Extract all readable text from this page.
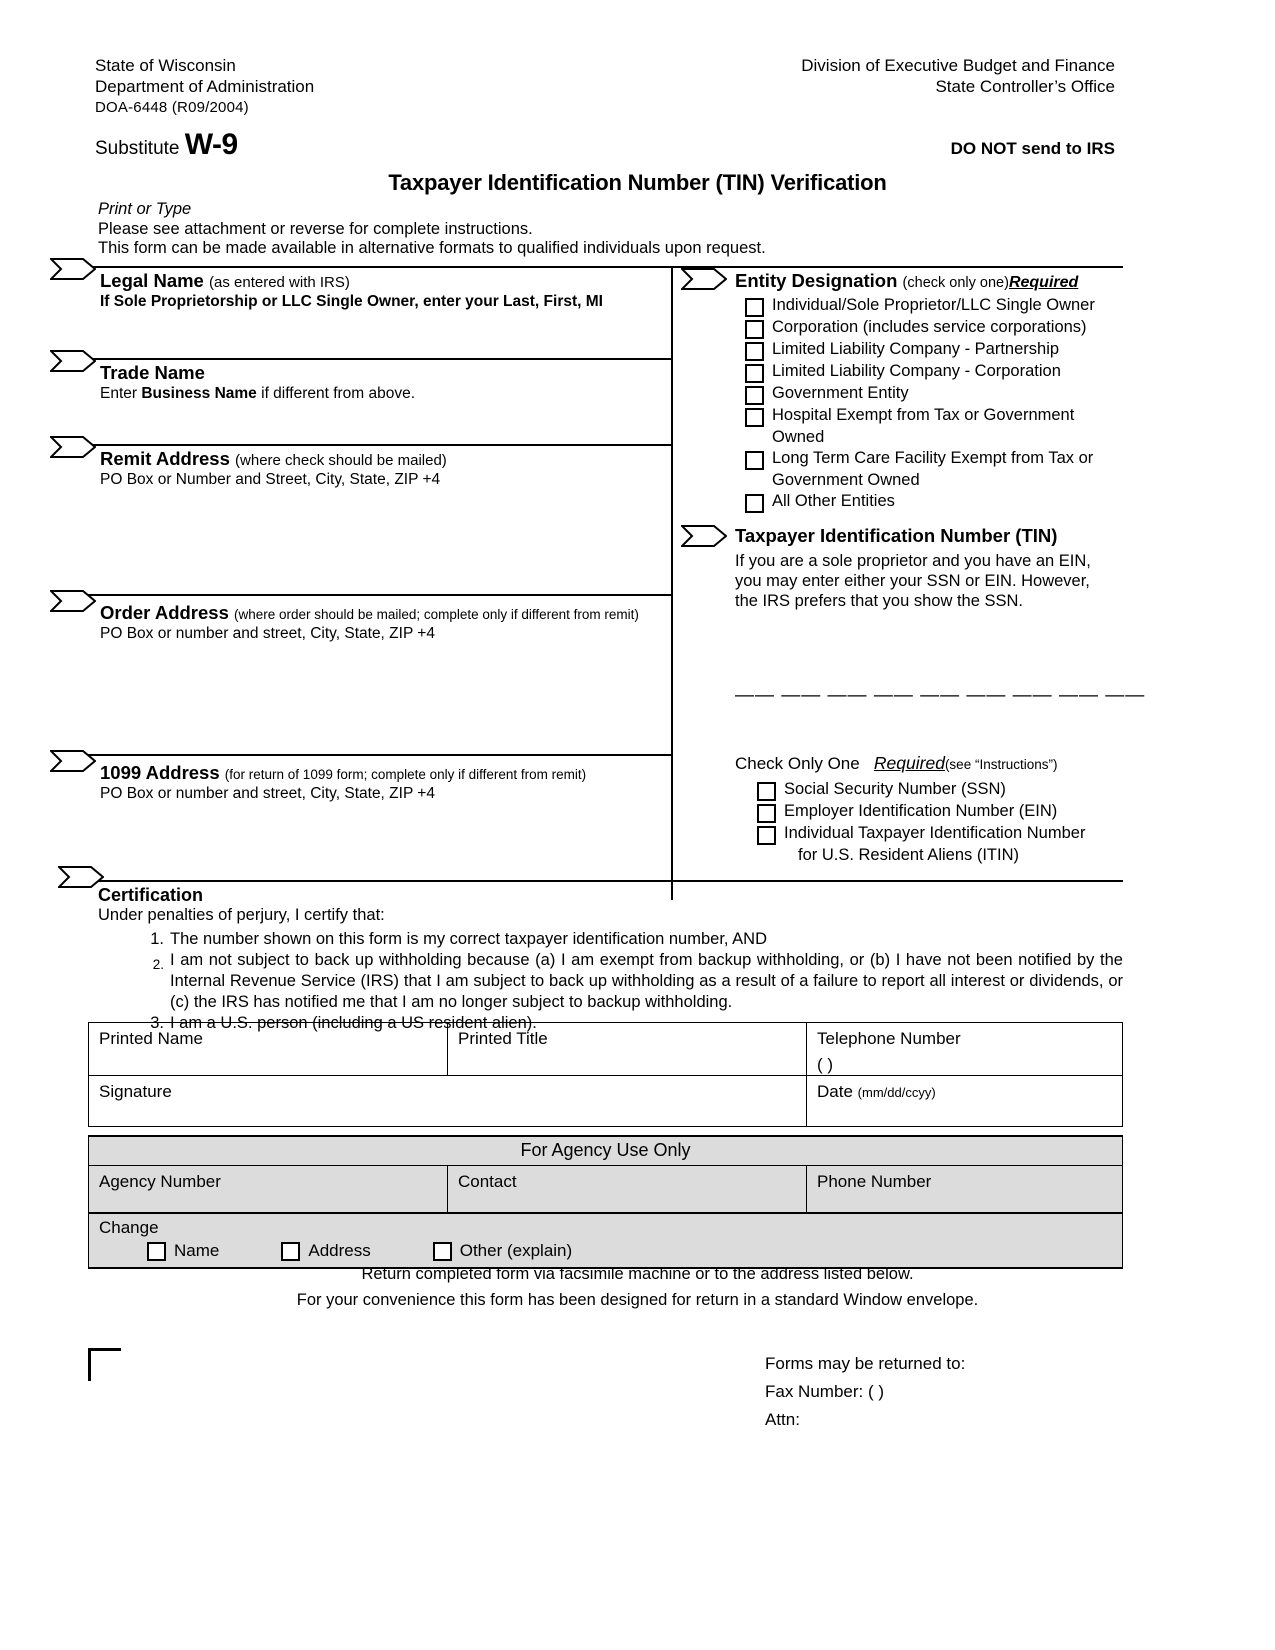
State of Wisconsin
Department of Administration
DOA-6448 (R09/2004)
Division of Executive Budget and Finance
State Controller’s Office
Substitute W-9	DO NOT send to IRS
Taxpayer Identification Number (TIN) Verification
Print or Type
Please see attachment or reverse for complete instructions.
This form can be made available in alternative formats to qualified individuals upon request.
Legal Name (as entered with IRS)
If Sole Proprietorship or LLC Single Owner, enter your Last, First, MI
Trade Name
Enter Business Name if different from above.
Remit Address (where check should be mailed)
PO Box or Number and Street, City, State, ZIP +4
Order Address (where order should be mailed; complete only if different from remit)
PO Box or number and street, City, State, ZIP +4
1099 Address (for return of 1099 form; complete only if different from remit)
PO Box or number and street, City, State, ZIP +4
Entity Designation (check only one)Required
Individual/Sole Proprietor/LLC Single Owner
Corporation (includes service corporations)
Limited Liability Company - Partnership
Limited Liability Company - Corporation
Government Entity
Hospital Exempt from Tax or Government Owned
Long Term Care Facility Exempt from Tax or Government Owned
All Other Entities
Taxpayer Identification Number (TIN)
If you are a sole proprietor and you have an EIN,
you may enter either your SSN or EIN. However,
the IRS prefers that you show the SSN.
—— —— —— —— —— —— —— —— ——
Check Only One Required(see “Instructions”)
Social Security Number (SSN)
Employer Identification Number (EIN)
Individual Taxpayer Identification Number
for U.S. Resident Aliens (ITIN)
Certification
Under penalties of perjury, I certify that:
1. The number shown on this form is my correct taxpayer identification number, AND
2. I am not subject to back up withholding because (a) I am exempt from backup withholding, or (b) I have not been notified by the Internal Revenue Service (IRS) that I am subject to back up withholding as a result of a failure to report all interest or dividends, or (c) the IRS has notified me that I am no longer subject to backup withholding.
3. I am a U.S. person (including a US resident alien).
Printed Name	Printed Title	Telephone Number
( )

Signature		Date (mm/dd/ccyy)
For Agency Use Only
Agency Number	Contact	Phone Number
Change
Name	Address	Other (explain)
Return completed form via facsimile machine or to the address listed below.
For your convenience this form has been designed for return in a standard Window envelope.
Forms may be returned to:
Fax Number: ( )
Attn:
